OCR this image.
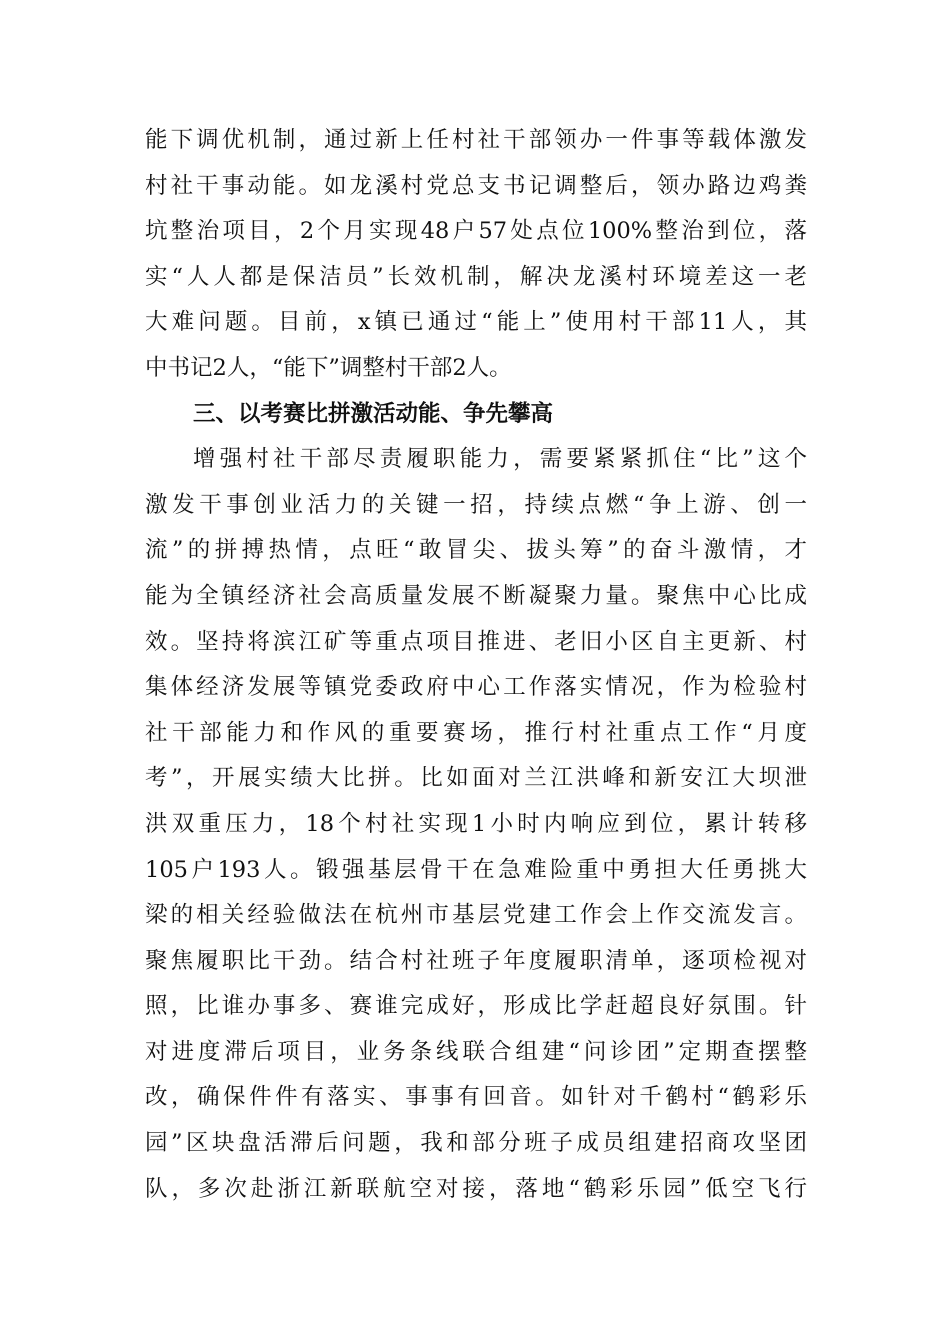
能下调优机制，通过新上任村社干部领办一件事等载体激发
村社干事动能。如龙溪村党总支书记调整后，领办路边鸡粪
坑整治项目，2个月实现48户57处点位100%整治到位，落
实“人人都是保洁员”长效机制，解决龙溪村环境差这一老
大难问题。目前，x镇已通过“能上”使用村干部11人，其
中书记2人，“能下”调整村干部2人。
三、以考赛比拼激活动能、争先攀高
增强村社干部尽责履职能力，需要紧紧抓住“比”这个
激发干事创业活力的关键一招，持续点燃“争上游、创一
流”的拼搏热情，点旺“敢冒尖、拔头筹”的奋斗激情，才
能为全镇经济社会高质量发展不断凝聚力量。聚焦中心比成
效。坚持将滨江矿等重点项目推进、老旧小区自主更新、村
集体经济发展等镇党委政府中心工作落实情况，作为检验村
社干部能力和作风的重要赛场，推行村社重点工作“月度
考”，开展实绩大比拼。比如面对兰江洪峰和新安江大坝泄
洪双重压力，18个村社实现1小时内响应到位，累计转移
105户193人。锻强基层骨干在急难险重中勇担大任勇挑大
梁的相关经验做法在杭州市基层党建工作会上作交流发言。
聚焦履职比干劲。结合村社班子年度履职清单，逐项检视对
照，比谁办事多、赛谁完成好，形成比学赶超良好氛围。针
对进度滞后项目，业务条线联合组建“问诊团”定期查摆整
改，确保件件有落实、事事有回音。如针对千鹤村“鹤彩乐
园”区块盘活滞后问题，我和部分班子成员组建招商攻坚团
队，多次赴浙江新联航空对接，落地“鹤彩乐园”低空飞行
